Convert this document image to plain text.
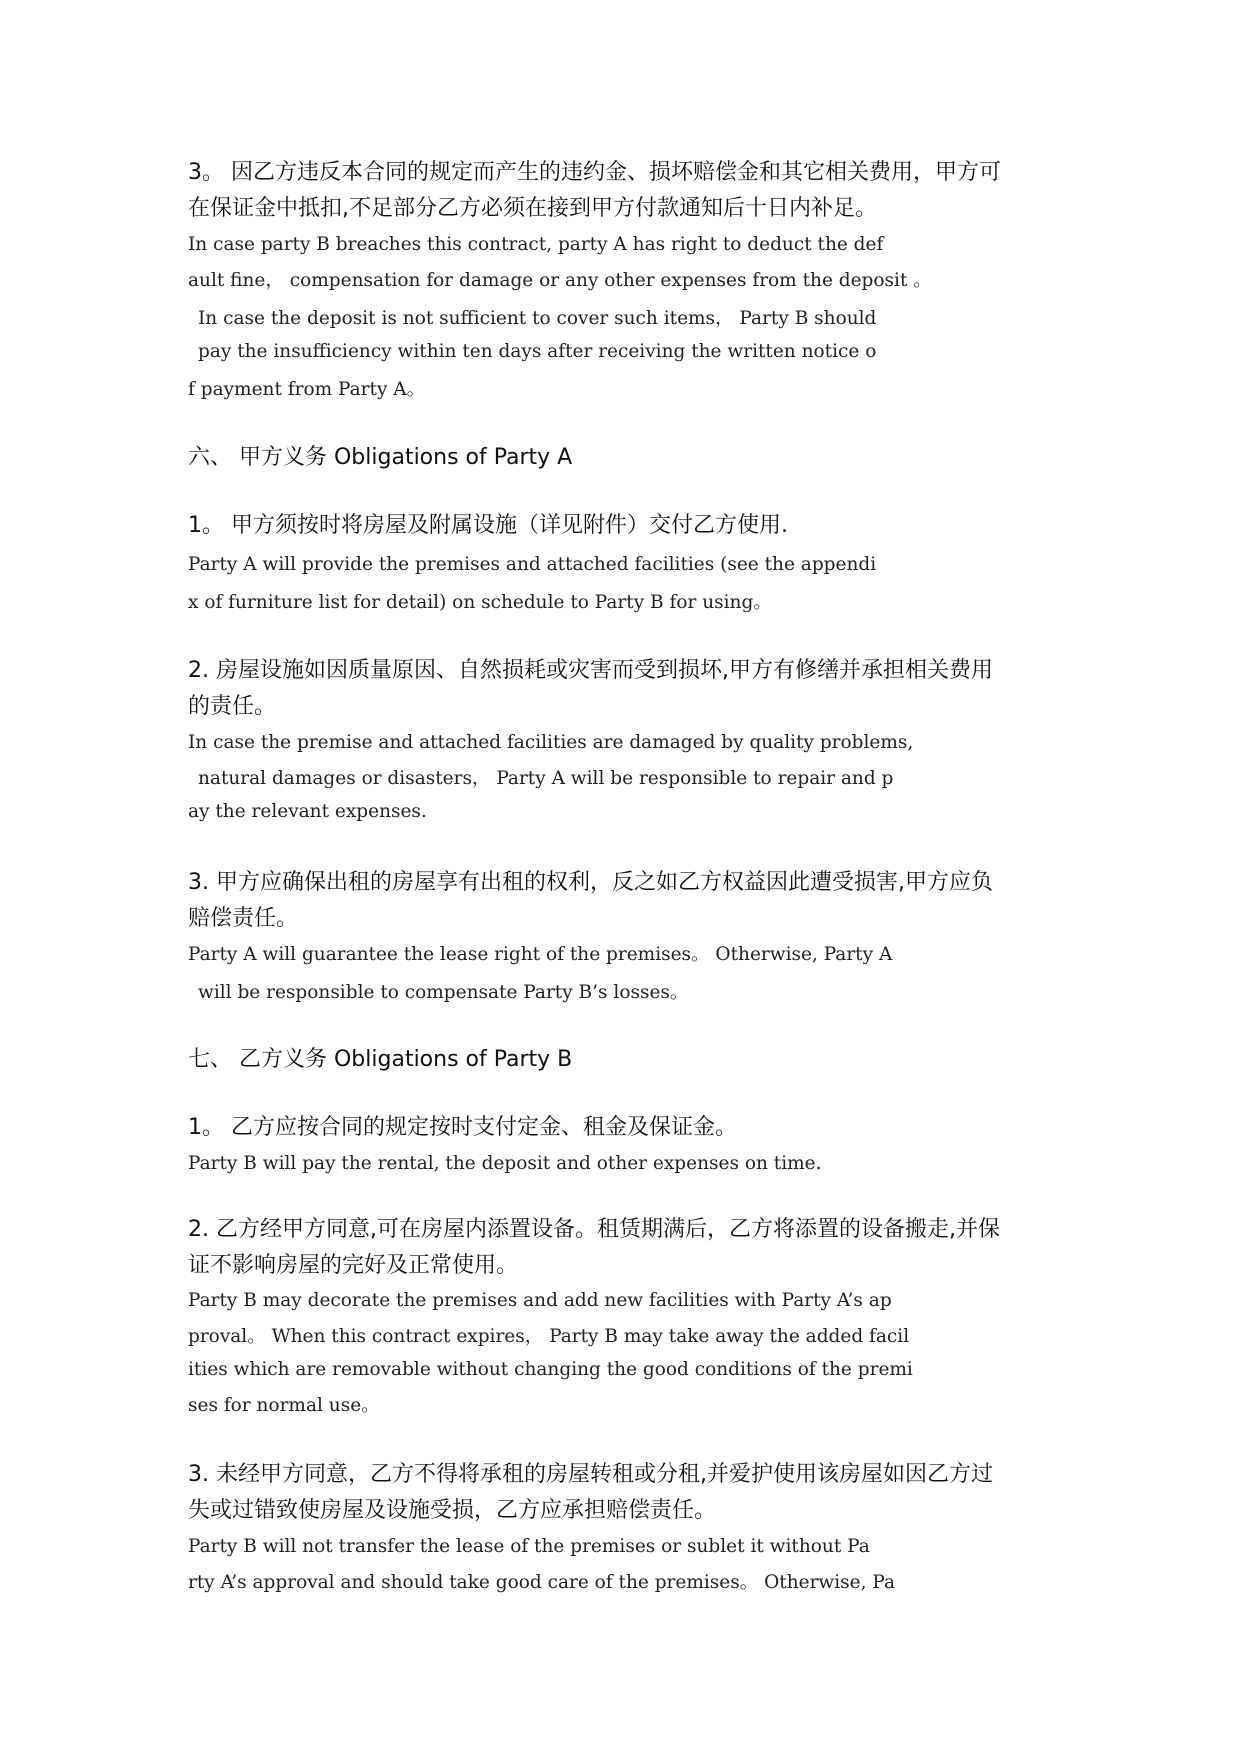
3。 因乙方违反本合同的规定而产生的违约金、损坏赔偿金和其它相关费用，甲方可
在保证金中抵扣,不足部分乙方必须在接到甲方付款通知后十日内补足。
In case party B breaches this contract, party A has right to deduct the def
ault fine， compensation for damage or any other expenses from the deposit 。
In case the deposit is not sufficient to cover such items， Party B should
pay the insufficiency within ten days after receiving the written notice o
f payment from Party A。
六、 甲方义务 Obligations of Party A
1。 甲方须按时将房屋及附属设施（详见附件）交付乙方使用.
Party A will provide the premises and attached facilities (see the appendi
x of furniture list for detail) on schedule to Party B for using。
2. 房屋设施如因质量原因、自然损耗或灾害而受到损坏,甲方有修缮并承担相关费用
的责任。
In case the premise and attached facilities are damaged by quality problems,
natural damages or disasters， Party A will be responsible to repair and p
ay the relevant expenses.
3. 甲方应确保出租的房屋享有出租的权利，反之如乙方权益因此遭受损害,甲方应负
赔偿责任。
Party A will guarantee the lease right of the premises。 Otherwise, Party A
will be responsible to compensate Party B’s losses。
七、 乙方义务 Obligations of Party B
1。 乙方应按合同的规定按时支付定金、租金及保证金。
Party B will pay the rental, the deposit and other expenses on time.
2. 乙方经甲方同意,可在房屋内添置设备。租赁期满后，乙方将添置的设备搬走,并保
证不影响房屋的完好及正常使用。
Party B may decorate the premises and add new facilities with Party A’s ap
proval。 When this contract expires， Party B may take away the added facil
ities which are removable without changing the good conditions of the premi
ses for normal use。
3. 未经甲方同意，乙方不得将承租的房屋转租或分租,并爱护使用该房屋如因乙方过
失或过错致使房屋及设施受损，乙方应承担赔偿责任。
Party B will not transfer the lease of the premises or sublet it without Pa
rty A’s approval and should take good care of the premises。 Otherwise, Pa
